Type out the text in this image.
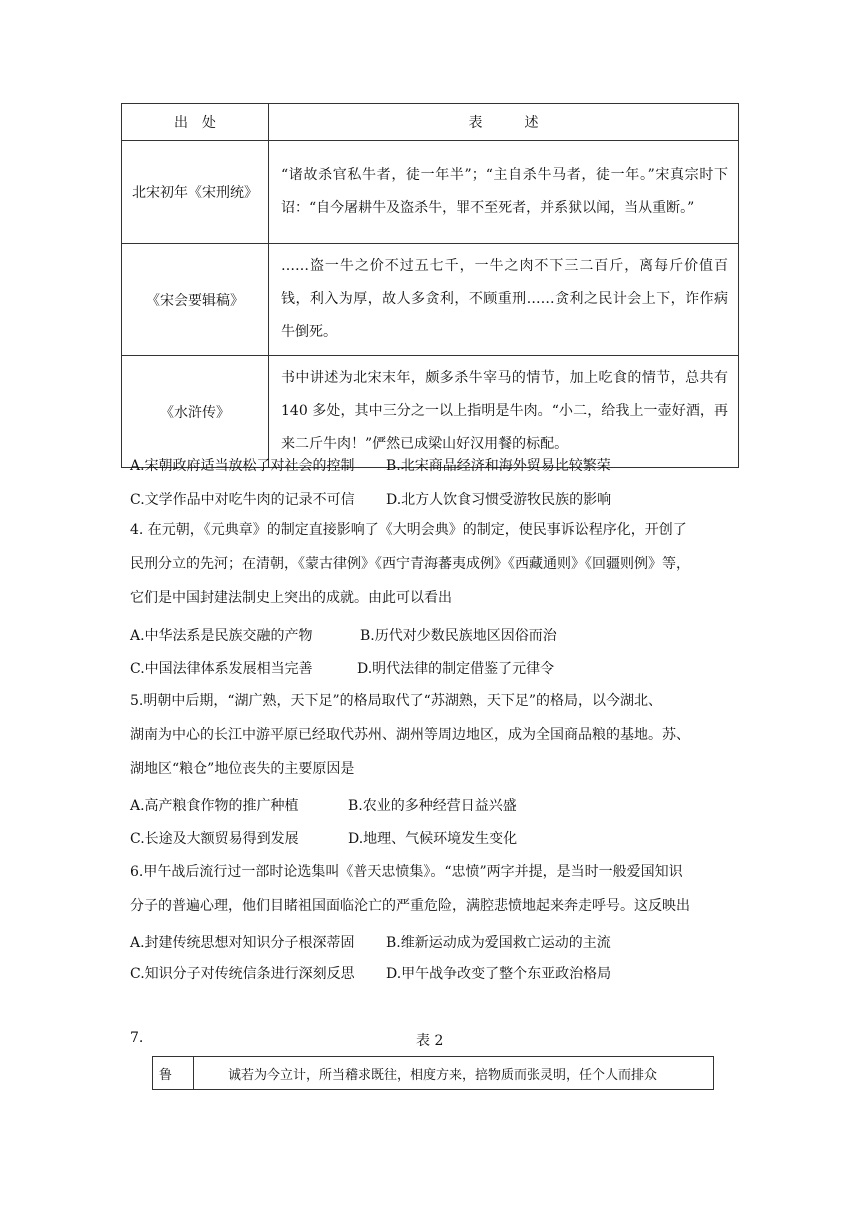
出　处	表　　　述
北宋初年《宋刑统》	“诸故杀官私牛者，徒一年半”；“主自杀牛马者，徒一年。”宋真宗时下诏：“自今屠耕牛及盗杀牛，罪不至死者，并系狱以闻，当从重断。”
《宋会要辑稿》	……盗一牛之价不过五七千，一牛之肉不下三二百斤，离每斤价值百钱，利入为厚，故人多贪利，不顾重刑……贪利之民计会上下，诈作病牛倒死。
《水浒传》	书中讲述为北宋末年，颇多杀牛宰马的情节，加上吃食的情节，总共有 140 多处，其中三分之一以上指明是牛肉。“小二，给我上一壶好酒，再来二斤牛肉！”俨然已成梁山好汉用餐的标配。
A.宋朝政府适当放松了对社会的控制 B.北宋商品经济和海外贸易比较繁荣
C.文学作品中对吃牛肉的记录不可信 D.北方人饮食习惯受游牧民族的影响
4. 在元朝，《元典章》的制定直接影响了《大明会典》的制定，使民事诉讼程序化，开创了
民刑分立的先河；在清朝，《蒙古律例》《西宁青海蕃夷成例》《西藏通则》《回疆则例》等，
它们是中国封建法制史上突出的成就。由此可以看出
A.中华法系是民族交融的产物	B.历代对少数民族地区因俗而治
C.中国法律体系发展相当完善	D.明代法律的制定借鉴了元律令
5.明朝中后期，“湖广熟，天下足”的格局取代了“苏湖熟，天下足”的格局，以今湖北、
湖南为中心的长江中游平原已经取代苏州、湖州等周边地区，成为全国商品粮的基地。苏、
湖地区“粮仓”地位丧失的主要原因是
A.高产粮食作物的推广种植	B.农业的多种经营日益兴盛
C.长途及大额贸易得到发展	D.地理、气候环境发生变化
6.甲午战后流行过一部时论选集叫《普天忠愤集》。“忠愤”两字并提，是当时一般爱国知识
分子的普遍心理，他们目睹祖国面临沦亡的严重危险，满腔悲愤地起来奔走呼号。这反映出
A.封建传统思想对知识分子根深蒂固 B.维新运动成为爱国救亡运动的主流
C.知识分子对传统信条进行深刻反思 D.甲午战争改变了整个东亚政治格局
7.	表 2
鲁	诚若为今立计，所当稽求既往，相度方来，掊物质而张灵明，任个人而排众
